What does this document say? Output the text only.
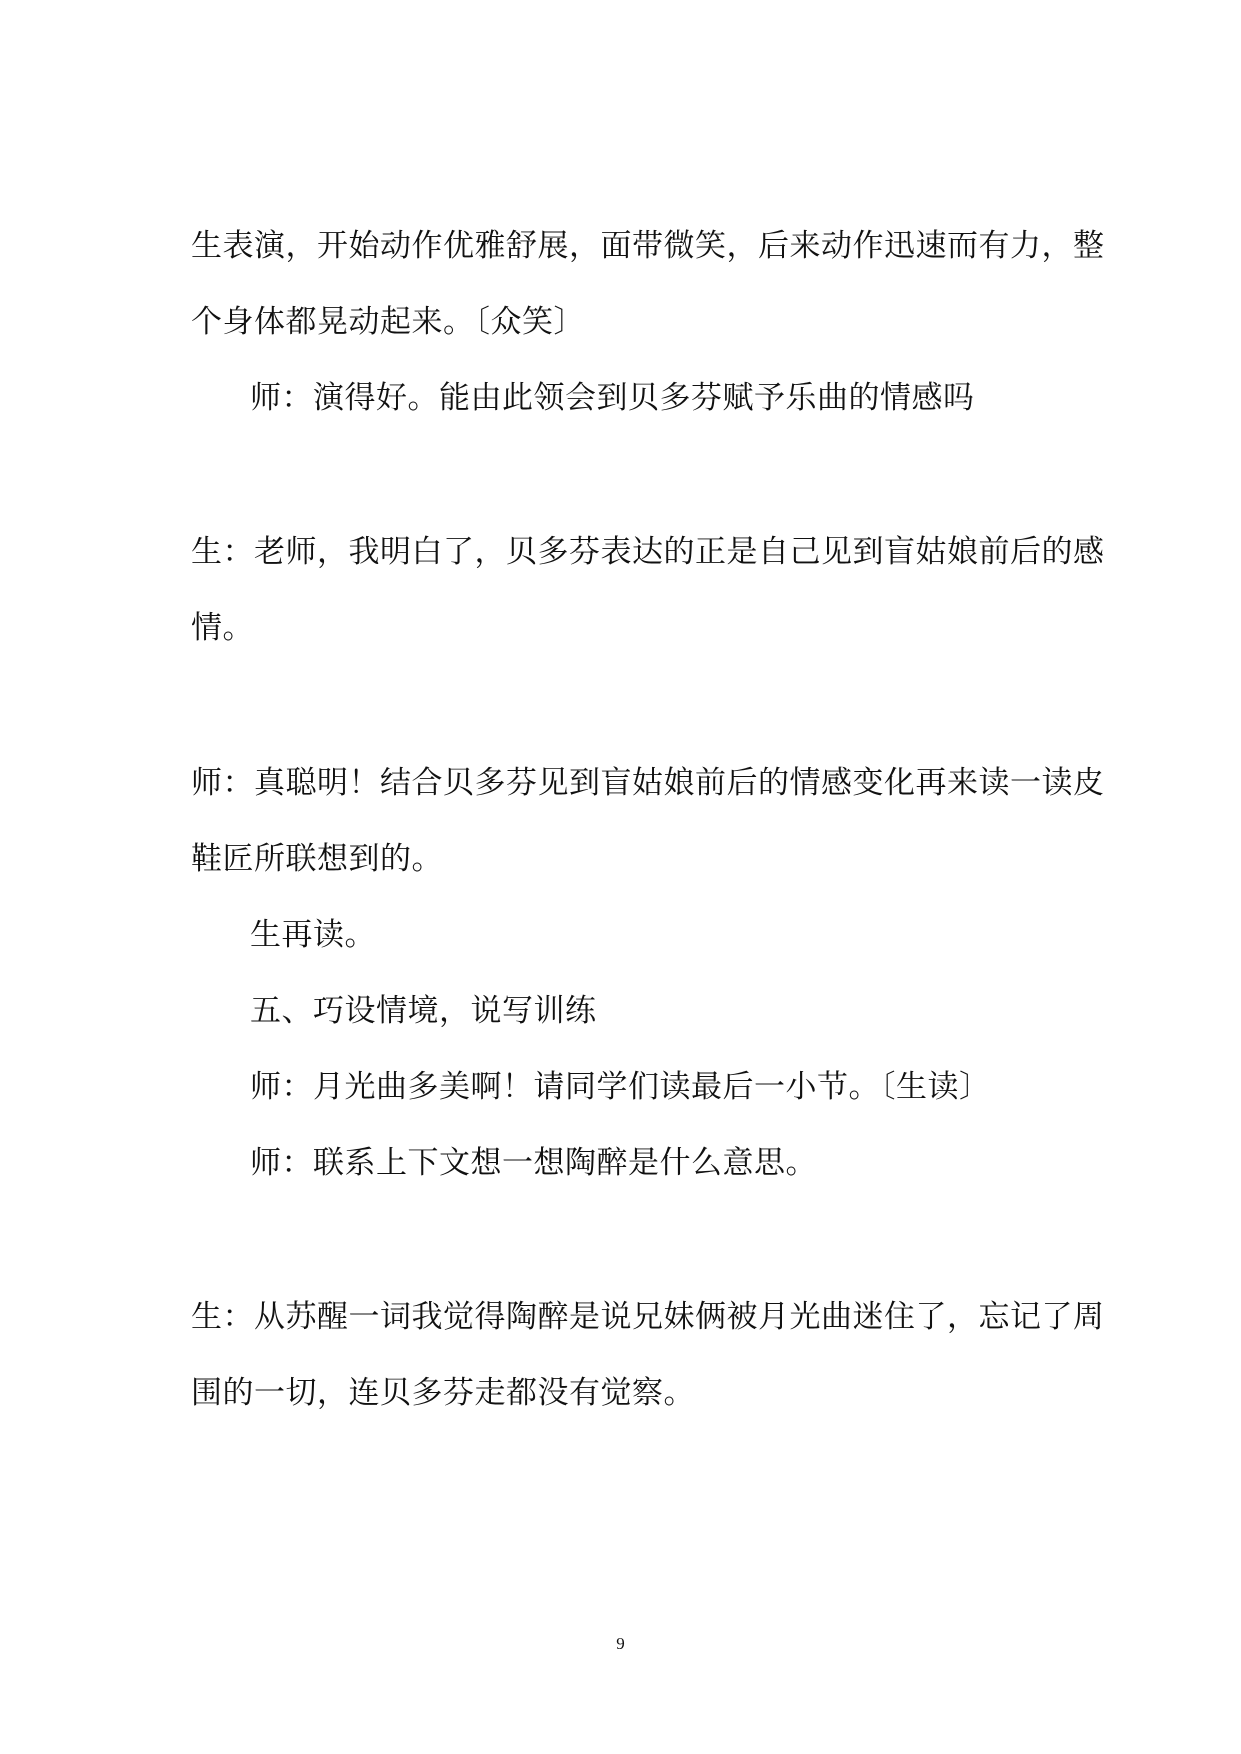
生表演，开始动作优雅舒展，面带微笑，后来动作迅速而有力，整
个身体都晃动起来。〔众笑〕
师：演得好。能由此领会到贝多芬赋予乐曲的情感吗
生：老师，我明白了，贝多芬表达的正是自己见到盲姑娘前后的感
情。
师：真聪明！结合贝多芬见到盲姑娘前后的情感变化再来读一读皮
鞋匠所联想到的。
生再读。
五、巧设情境，说写训练
师：月光曲多美啊！请同学们读最后一小节。〔生读〕
师：联系上下文想一想陶醉是什么意思。
生：从苏醒一词我觉得陶醉是说兄妹俩被月光曲迷住了，忘记了周
围的一切，连贝多芬走都没有觉察。
9
